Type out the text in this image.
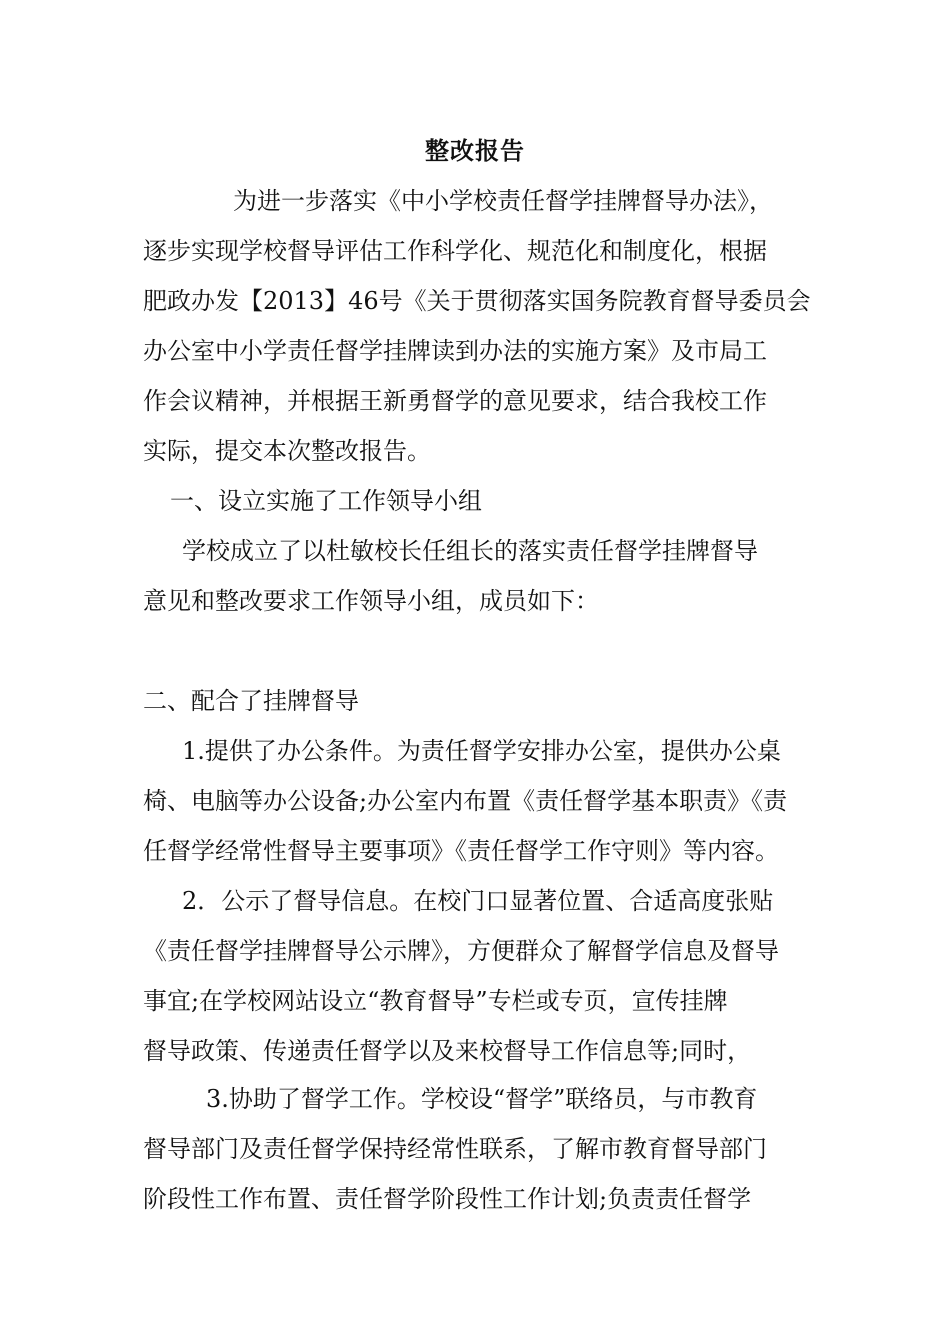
整改报告
为进一步落实《中小学校责任督学挂牌督导办法》，
逐步实现学校督导评估工作科学化、规范化和制度化，根据
肥政办发【2013】46号《关于贯彻落实国务院教育督导委员会
办公室中小学责任督学挂牌读到办法的实施方案》及市局工
作会议精神，并根据王新勇督学的意见要求，结合我校工作
实际，提交本次整改报告。
一、设立实施了工作领导小组
学校成立了以杜敏校长任组长的落实责任督学挂牌督导
意见和整改要求工作领导小组，成员如下：
二、配合了挂牌督导
1.提供了办公条件。为责任督学安排办公室，提供办公桌
椅、电脑等办公设备;办公室内布置《责任督学基本职责》《责
任督学经常性督导主要事项》《责任督学工作守则》等内容。
2．公示了督导信息。在校门口显著位置、合适高度张贴
《责任督学挂牌督导公示牌》，方便群众了解督学信息及督导
事宜;在学校网站设立“教育督导”专栏或专页，宣传挂牌
督导政策、传递责任督学以及来校督导工作信息等;同时，
3.协助了督学工作。学校设“督学”联络员，与市教育
督导部门及责任督学保持经常性联系，了解市教育督导部门
阶段性工作布置、责任督学阶段性工作计划;负责责任督学
